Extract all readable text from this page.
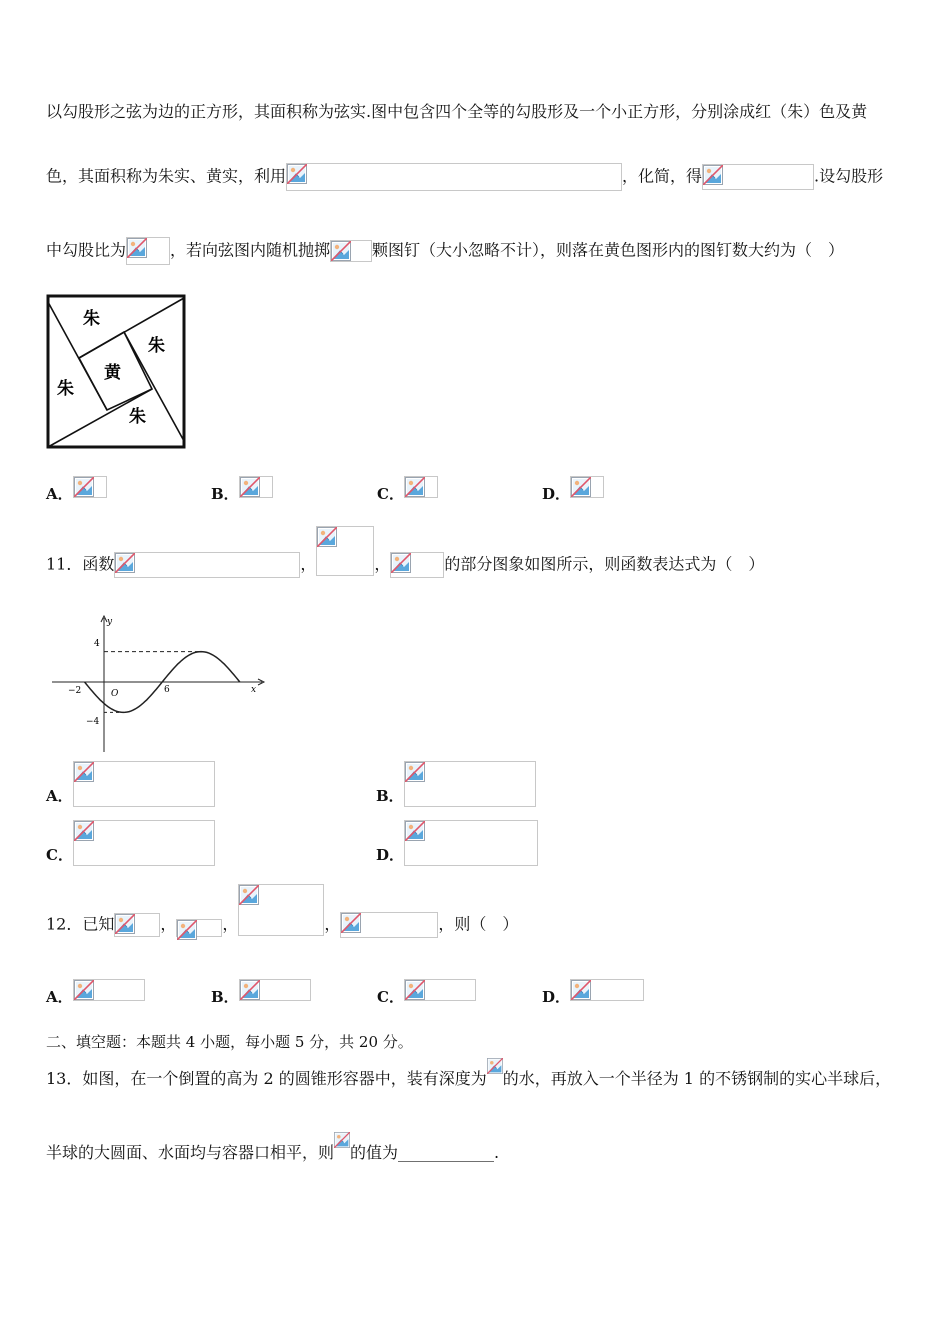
以勾股形之弦为边的正方形，其面积称为弦实.图中包含四个全等的勾股形及一个小正方形，分别涂成红（朱）色及黄
色，其面积称为朱实、黄实，利用	，化简，得	.设勾股形
中勾股比为	，若向弦图内随机抛掷	颗图钉（大小忽略不计），则落在黄色图形内的图钉数大约为（　）
朱
朱
黄
朱
朱
A．	B．	C．	D．
11．函数	，	，	的部分图象如图所示，则函数表达式为（　）
y
x
4
−4
−2	O	6
A．	B．
C．	D．
12．已知	，	，	，	，则（　）
A．	B．	C．	D．
二、填空题：本题共 4 小题，每小题 5 分，共 20 分。
13．如图，在一个倒置的高为 2 的圆锥形容器中，装有深度为 的水，再放入一个半径为 1 的不锈钢制的实心半球后，
半球的大圆面、水面均与容器口相平，则 的值为____________.
